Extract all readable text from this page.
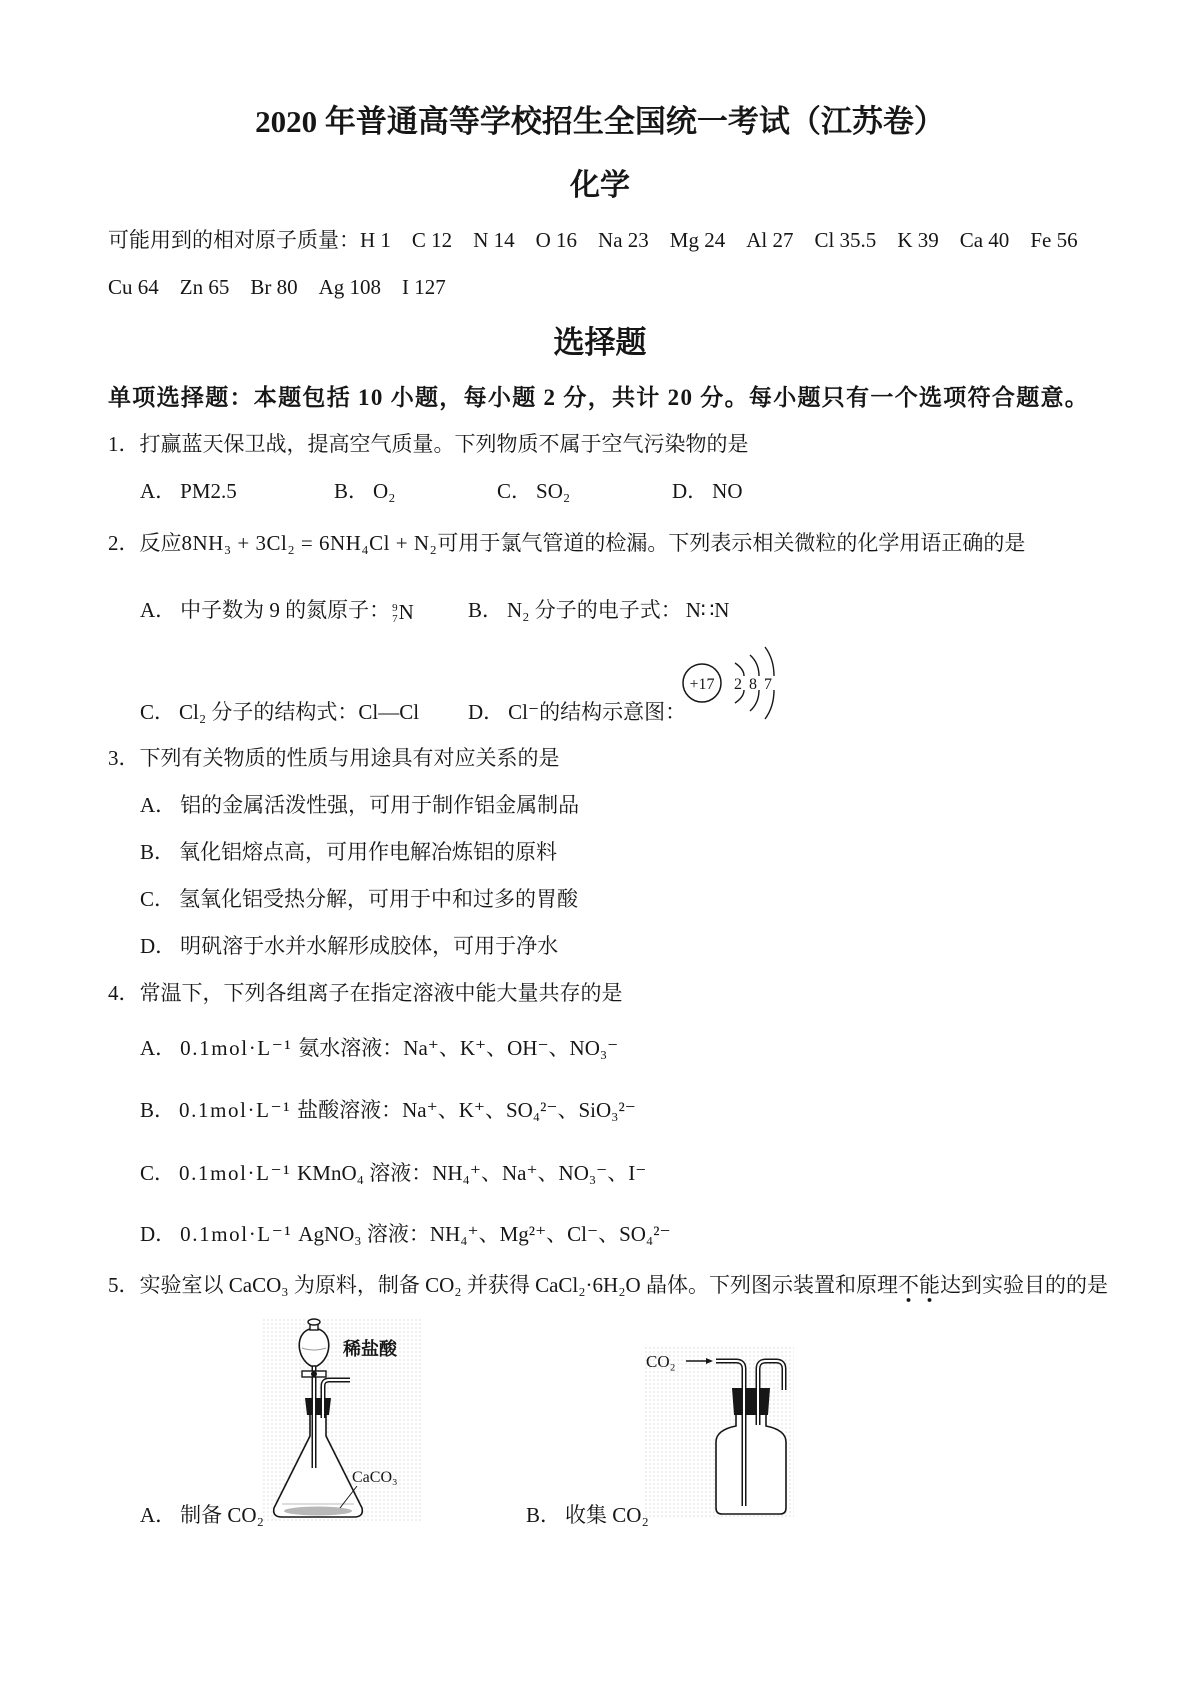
2020 年普通高等学校招生全国统一考试（江苏卷）
化学
可能用到的相对原子质量：H 1 C 12 N 14 O 16 Na 23 Mg 24 Al 27 Cl 35.5 K 39 Ca 40 Fe 56
Cu 64 Zn 65 Br 80 Ag 108 I 127
选择题
单项选择题：本题包括 10 小题，每小题 2 分，共计 20 分。每小题只有一个选项符合题意。
1．打赢蓝天保卫战，提高空气质量。下列物质不属于空气污染物的是
A． PM2.5	B． O₂	C． SO₂	D． NO
2．反应8NH₃ + 3Cl₂ = 6NH₄Cl + N₂可用于氯气管道的检漏。下列表示相关微粒的化学用语正确的是
A． 中子数为 9 的氮原子： 9
7 N	B． N₂ 分子的电子式： N∷N
C． Cl₂ 分子的结构式：Cl—Cl D． Cl⁻的结构示意图：
+17 2 8 7
3．下列有关物质的性质与用途具有对应关系的是
A． 铝的金属活泼性强，可用于制作铝金属制品
B． 氧化铝熔点高，可用作电解冶炼铝的原料
C． 氢氧化铝受热分解，可用于中和过多的胃酸
D． 明矾溶于水并水解形成胶体，可用于净水
4．常温下，下列各组离子在指定溶液中能大量共存的是
A． 0.1mol·L⁻¹ 氨水溶液：Na⁺、K⁺、OH⁻、NO₃⁻
B． 0.1mol·L⁻¹ 盐酸溶液：Na⁺、K⁺、SO₄²⁻、SiO₃²⁻
C． 0.1mol·L⁻¹ KMnO₄ 溶液：NH₄⁺、Na⁺、NO₃⁻、I⁻
D． 0.1mol·L⁻¹ AgNO₃ 溶液：NH₄⁺、Mg²⁺、Cl⁻、SO₄²⁻
5．实验室以 CaCO₃ 为原料，制备 CO₂ 并获得 CaCl₂·6H₂O 晶体。下列图示装置和原理不能达到实验目的的是
稀盐酸
CaCO₃
A． 制备 CO₂
CO₂
B． 收集 CO₂
